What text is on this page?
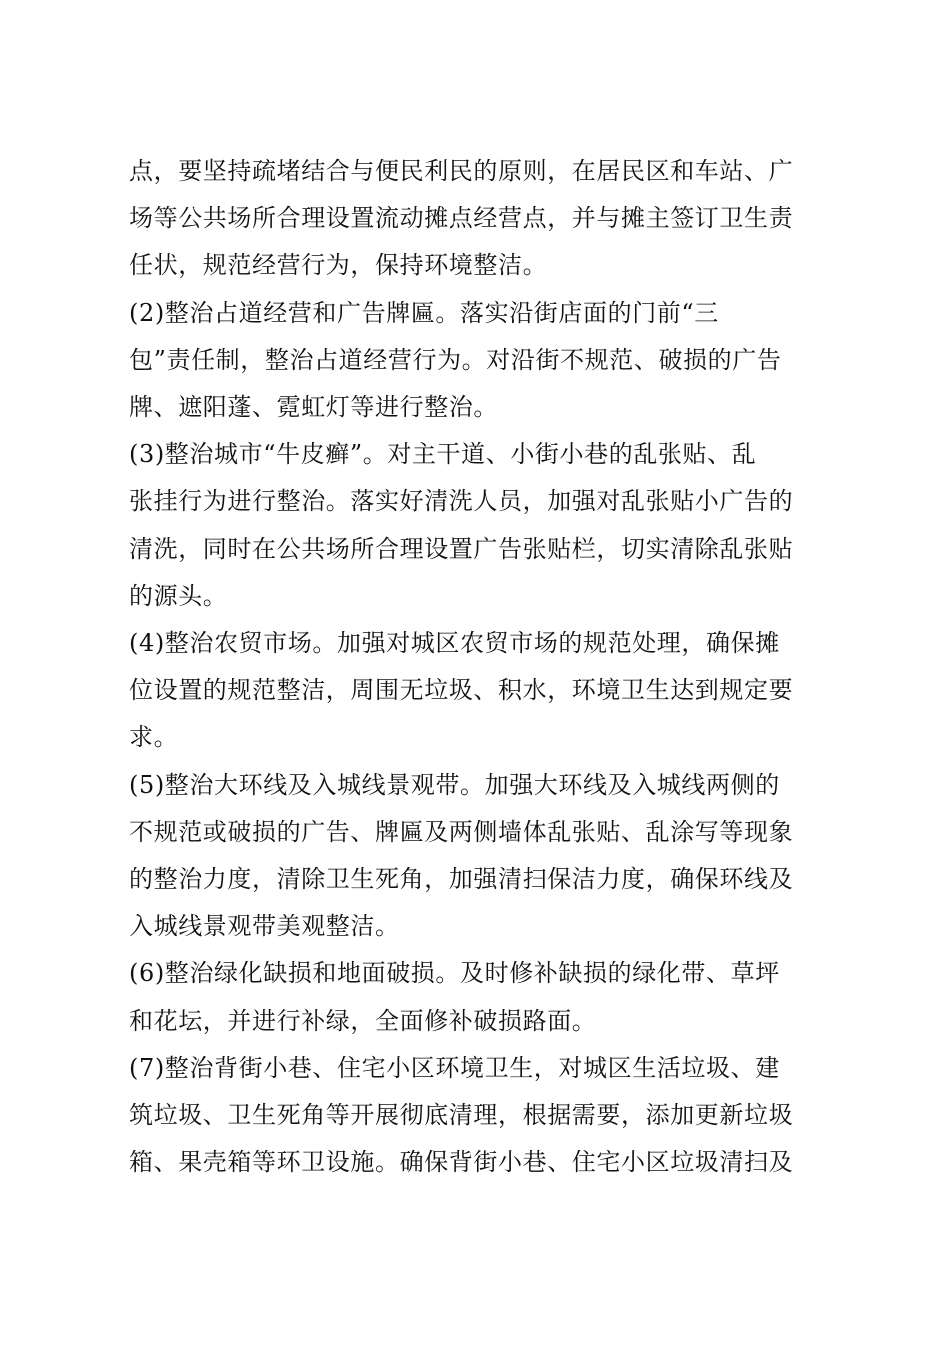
点，要坚持疏堵结合与便民利民的原则，在居民区和车站、广
场等公共场所合理设置流动摊点经营点，并与摊主签订卫生责
任状，规范经营行为，保持环境整洁。

(2)整治占道经营和广告牌匾。落实沿街店面的门前“三
包”责任制，整治占道经营行为。对沿街不规范、破损的广告
牌、遮阳蓬、霓虹灯等进行整治。

(3)整治城市“牛皮癣”。对主干道、小街小巷的乱张贴、乱
张挂行为进行整治。落实好清洗人员，加强对乱张贴小广告的
清洗，同时在公共场所合理设置广告张贴栏，切实清除乱张贴
的源头。

(4)整治农贸市场。加强对城区农贸市场的规范处理，确保摊
位设置的规范整洁，周围无垃圾、积水，环境卫生达到规定要
求。

(5)整治大环线及入城线景观带。加强大环线及入城线两侧的
不规范或破损的广告、牌匾及两侧墙体乱张贴、乱涂写等现象
的整治力度，清除卫生死角，加强清扫保洁力度，确保环线及
入城线景观带美观整洁。

(6)整治绿化缺损和地面破损。及时修补缺损的绿化带、草坪
和花坛，并进行补绿，全面修补破损路面。

(7)整治背街小巷、住宅小区环境卫生，对城区生活垃圾、建
筑垃圾、卫生死角等开展彻底清理，根据需要，添加更新垃圾
箱、果壳箱等环卫设施。确保背街小巷、住宅小区垃圾清扫及
